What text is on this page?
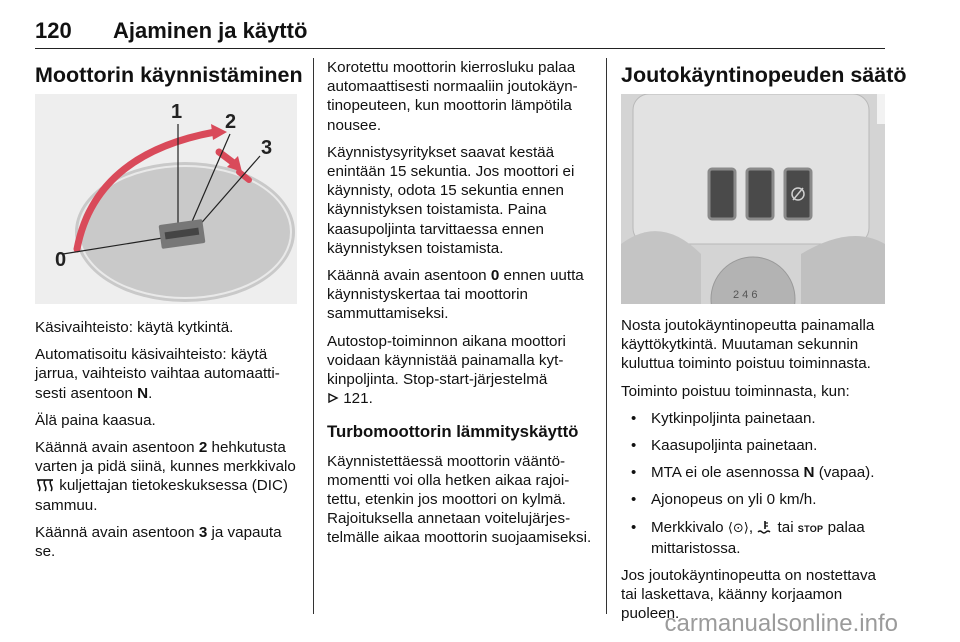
120 Ajaminen ja käyttö
Moottorin käynnistäminen
0
1 2
3

Käsivaihteisto: käytä kytkintä.

Automatisoitu käsivaihteisto: käytä jarrua, vaihteisto vaihtaa automaattisesti asentoon N.

Älä paina kaasua.

Käännä avain asentoon 2 hehkutusta varten ja pidä siinä, kunnes merkkivalo  kuljettajan tietokeskuksessa (DIC) sammuu.

Käännä avain asentoon 3 ja vapauta se.

Korotettu moottorin kierrosluku palaa automaattisesti normaaliin joutokäyntinopeuteen, kun moottorin lämpötila nousee.

Käynnistysyritykset saavat kestää enintään 15 sekuntia. Jos moottori ei käynnisty, odota 15 sekuntia ennen käynnistyksen toistamista. Paina kaasupoljinta tarvittaessa ennen käynnistyksen toistamista.

Käännä avain asentoon 0 ennen uutta käynnistyskertaa tai moottorin sammuttamiseksi.

Autostop-toiminnon aikana moottori voidaan käynnistää painamalla kytkinpoljinta. Stop-start-järjestelmä
121.

Turbomoottorin lämmityskäyttö

Käynnistettäessä moottorin vääntömomentti voi olla hetken aikaa rajoitettu, etenkin jos moottori on kylmä. Rajoituksella annetaan voitelujärjestelmälle aikaa moottorin suojaamiseksi.

Joutokäyntinopeuden säätö
2 4 6

Nosta joutokäyntinopeutta painamalla käyttökytkintä. Muutaman sekunnin kuluttua toiminto poistuu toiminnasta.

Toiminto poistuu toiminnasta, kun:

• Kytkinpoljinta painetaan.
• Kaasupoljinta painetaan.
• MTA ei ole asennossa N (vapaa).
• Ajonopeus on yli 0 km/h.
• Merkkivalo ⟨⊙⟩,  tai STOP palaa mittaristossa.

Jos joutokäyntinopeutta on nostettava tai laskettava, käänny korjaamon puoleen.

carmanualsonline.info
